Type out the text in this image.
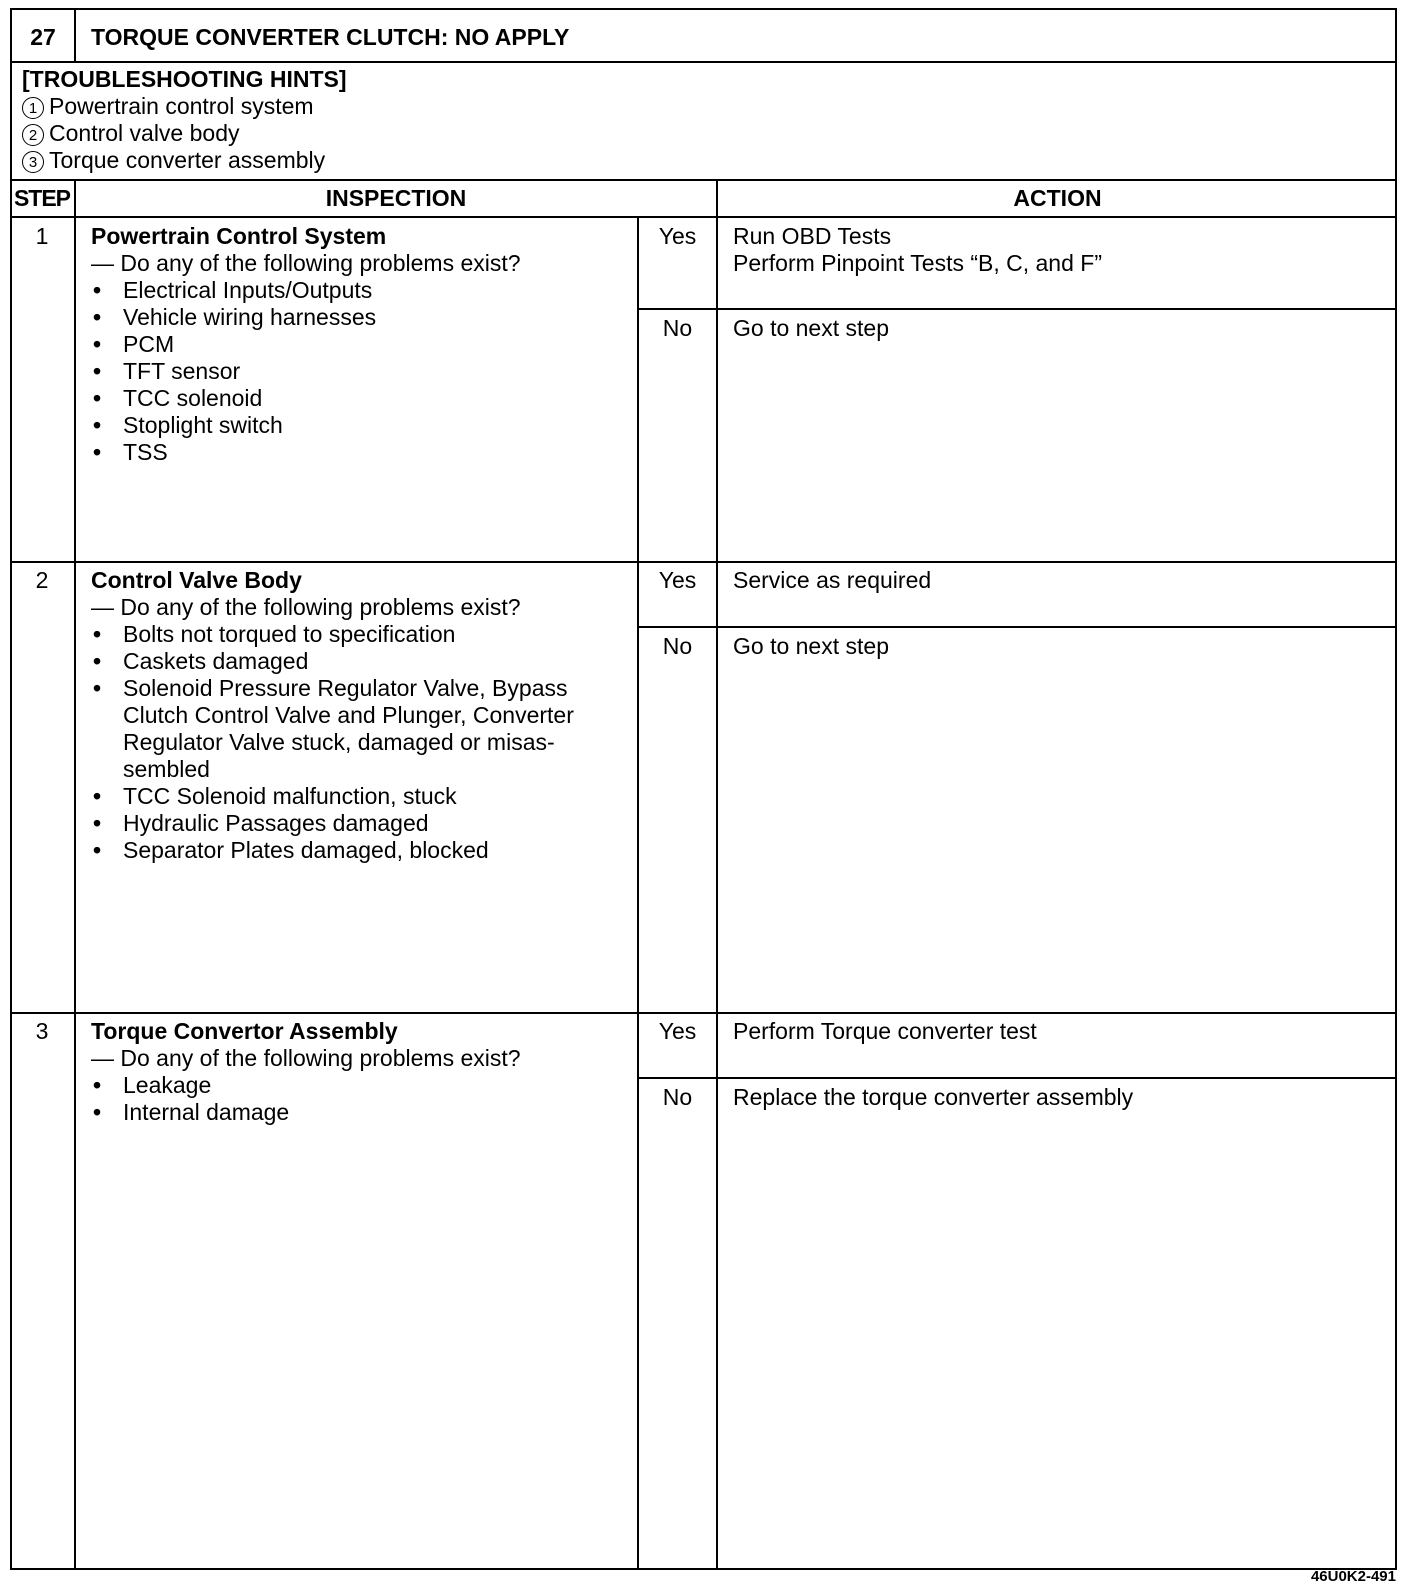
27	TORQUE CONVERTER CLUTCH: NO APPLY
[TROUBLESHOOTING HINTS]
1 Powertrain control system
2 Control valve body
3 Torque converter assembly
STEP	INSPECTION	ACTION
1	Powertrain Control System
— Do any of the following problems exist?
• Electrical Inputs/Outputs
• Vehicle wiring harnesses
• PCM
• TFT sensor
• TCC solenoid
• Stoplight switch
• TSS
Yes	Run OBD Tests
Perform Pinpoint Tests “B, C, and F”
No	Go to next step
2	Control Valve Body
— Do any of the following problems exist?
• Bolts not torqued to specification
• Caskets damaged
• Solenoid Pressure Regulator Valve, Bypass Clutch Control Valve and Plunger, Converter Regulator Valve stuck, damaged or misas-sembled
• TCC Solenoid malfunction, stuck
• Hydraulic Passages damaged
• Separator Plates damaged, blocked
Yes	Service as required
No	Go to next step
3	Torque Convertor Assembly
— Do any of the following problems exist?
• Leakage
• Internal damage
Yes	Perform Torque converter test
No	Replace the torque converter assembly
46U0K2-491
